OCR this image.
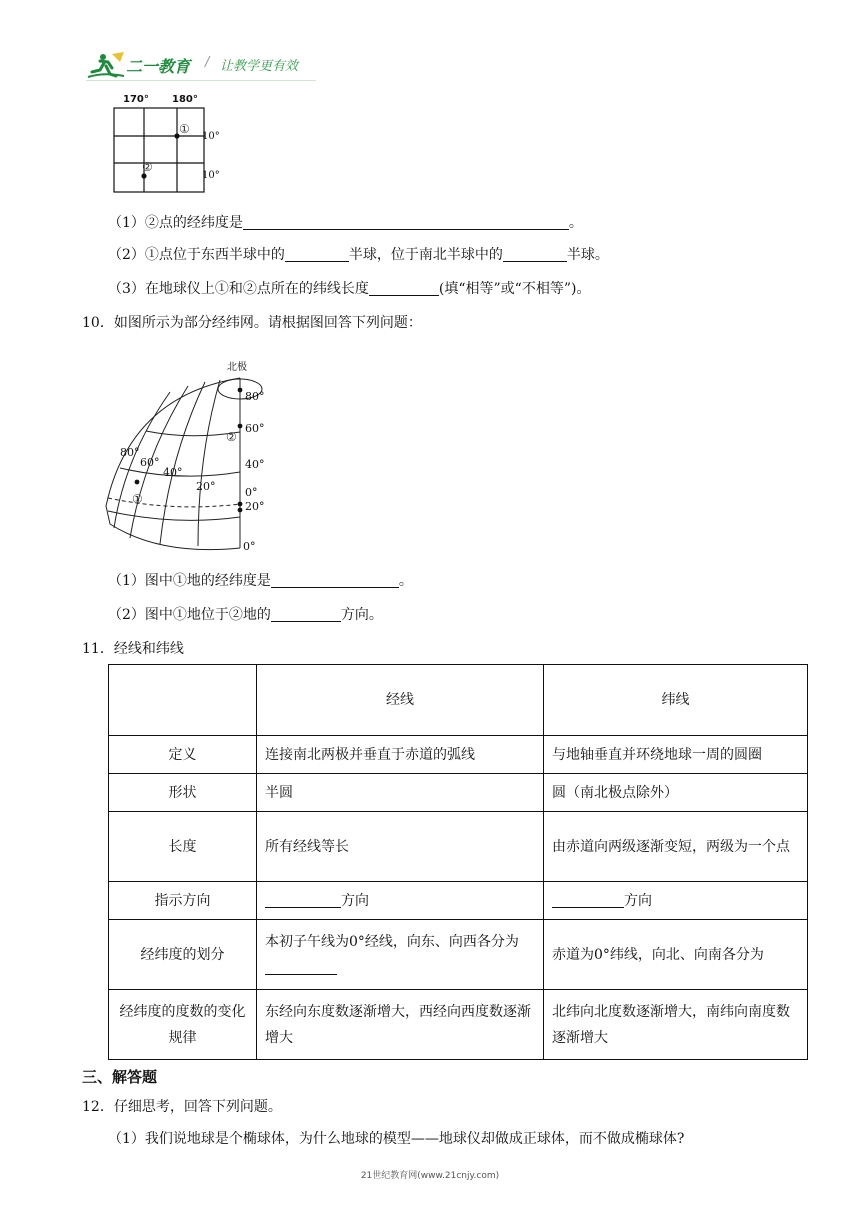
二一教育 / 让教学更有效
170° 180°
①
②
10°
10°
（1）②点的经纬度是	。
（2）①点位于东西半球中的	半球，位于南北半球中的	半球。
（3）在地球仪上①和②点所在的纬线长度	(填“相等”或“不相等”)。
10．如图所示为部分经纬网。请根据图回答下列问题：
北极
80°
60°
40°
0°
20°
0°
80°
60°
40°
20°
①
②
（1）图中①地的经纬度是	。
（2）图中①地位于②地的	方向。
11．经线和纬线
	经线	纬线
定义	连接南北两极并垂直于赤道的弧线	与地轴垂直并环绕地球一周的圆圈
形状	半圆	圆（南北极点除外）
长度	所有经线等长	由赤道向两级逐渐变短，两级为一个点
指示方向	方向	方向
经纬度的划分	本初子午线为0°经线，向东、向西各分为	赤道为0°纬线，向北、向南各分为
经纬度的度数的变化规律	东经向东度数逐渐增大，西经向西度数逐渐增大	北纬向北度数逐渐增大，南纬向南度数逐渐增大
三、解答题
12．仔细思考，回答下列问题。
（1）我们说地球是个椭球体，为什么地球的模型——地球仪却做成正球体，而不做成椭球体?
21世纪教育网(www.21cnjy.com)
